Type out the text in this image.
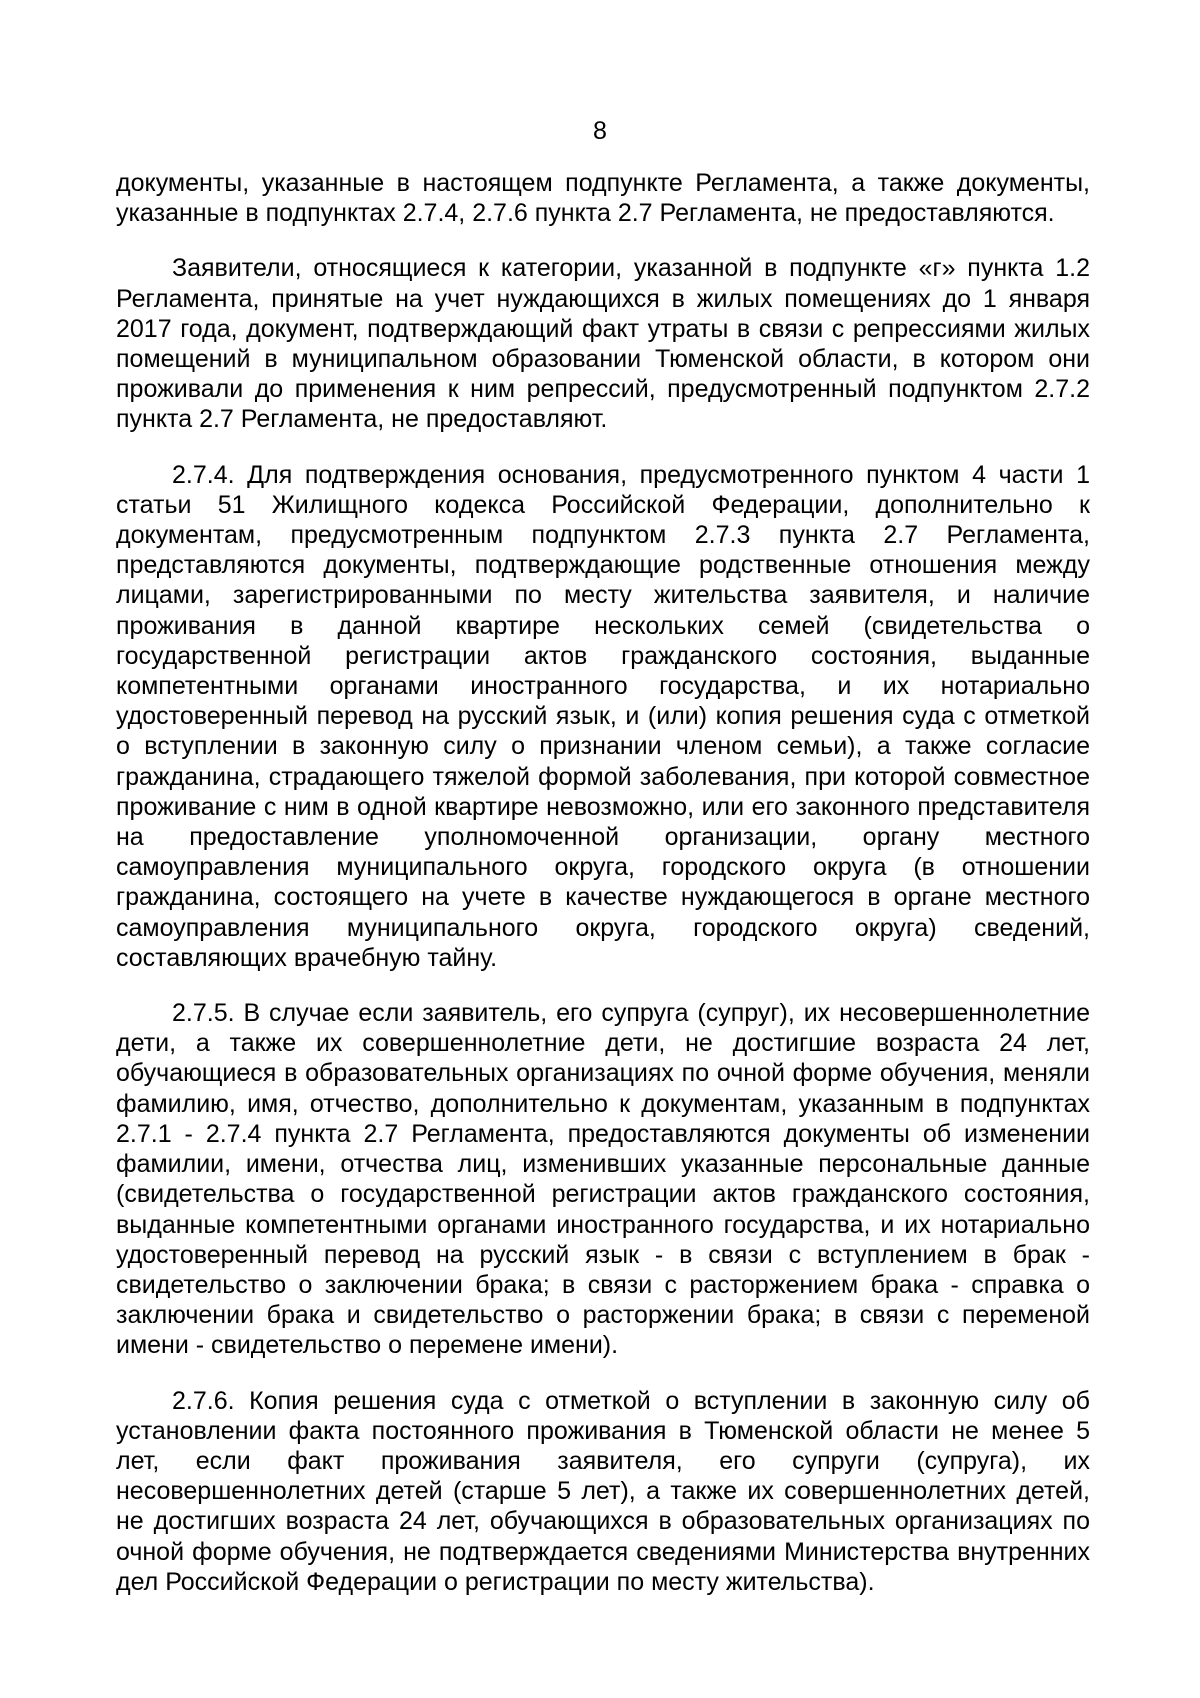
8

документы, указанные в настоящем подпункте Регламента, а также документы,
указанные в подпунктах 2.7.4, 2.7.6 пункта 2.7 Регламента, не предоставляются.

Заявители, относящиеся к категории, указанной в подпункте «г» пункта 1.2
Регламента, принятые на учет нуждающихся в жилых помещениях до 1 января
2017 года, документ, подтверждающий факт утраты в связи с репрессиями жилых
помещений в муниципальном образовании Тюменской области, в котором они
проживали до применения к ним репрессий, предусмотренный подпунктом 2.7.2
пункта 2.7 Регламента, не предоставляют.

2.7.4. Для подтверждения основания, предусмотренного пунктом 4 части 1
статьи 51 Жилищного кодекса Российской Федерации, дополнительно к
документам, предусмотренным подпунктом 2.7.3 пункта 2.7 Регламента,
представляются документы, подтверждающие родственные отношения между
лицами, зарегистрированными по месту жительства заявителя, и наличие
проживания в данной квартире нескольких семей (свидетельства о
государственной регистрации актов гражданского состояния, выданные
компетентными органами иностранного государства, и их нотариально
удостоверенный перевод на русский язык, и (или) копия решения суда с отметкой
о вступлении в законную силу о признании членом семьи), а также согласие
гражданина, страдающего тяжелой формой заболевания, при которой совместное
проживание с ним в одной квартире невозможно, или его законного представителя
на предоставление уполномоченной организации, органу местного
самоуправления муниципального округа, городского округа (в отношении
гражданина, состоящего на учете в качестве нуждающегося в органе местного
самоуправления муниципального округа, городского округа) сведений,
составляющих врачебную тайну.

2.7.5. В случае если заявитель, его супруга (супруг), их несовершеннолетние
дети, а также их совершеннолетние дети, не достигшие возраста 24 лет,
обучающиеся в образовательных организациях по очной форме обучения, меняли
фамилию, имя, отчество, дополнительно к документам, указанным в подпунктах
2.7.1 - 2.7.4 пункта 2.7 Регламента, предоставляются документы об изменении
фамилии, имени, отчества лиц, изменивших указанные персональные данные
(свидетельства о государственной регистрации актов гражданского состояния,
выданные компетентными органами иностранного государства, и их нотариально
удостоверенный перевод на русский язык - в связи с вступлением в брак -
свидетельство о заключении брака; в связи с расторжением брака - справка о
заключении брака и свидетельство о расторжении брака; в связи с переменой
имени - свидетельство о перемене имени).

2.7.6. Копия решения суда с отметкой о вступлении в законную силу об
установлении факта постоянного проживания в Тюменской области не менее 5
лет, если факт проживания заявителя, его супруги (супруга), их
несовершеннолетних детей (старше 5 лет), а также их совершеннолетних детей,
не достигших возраста 24 лет, обучающихся в образовательных организациях по
очной форме обучения, не подтверждается сведениями Министерства внутренних
дел Российской Федерации о регистрации по месту жительства).
